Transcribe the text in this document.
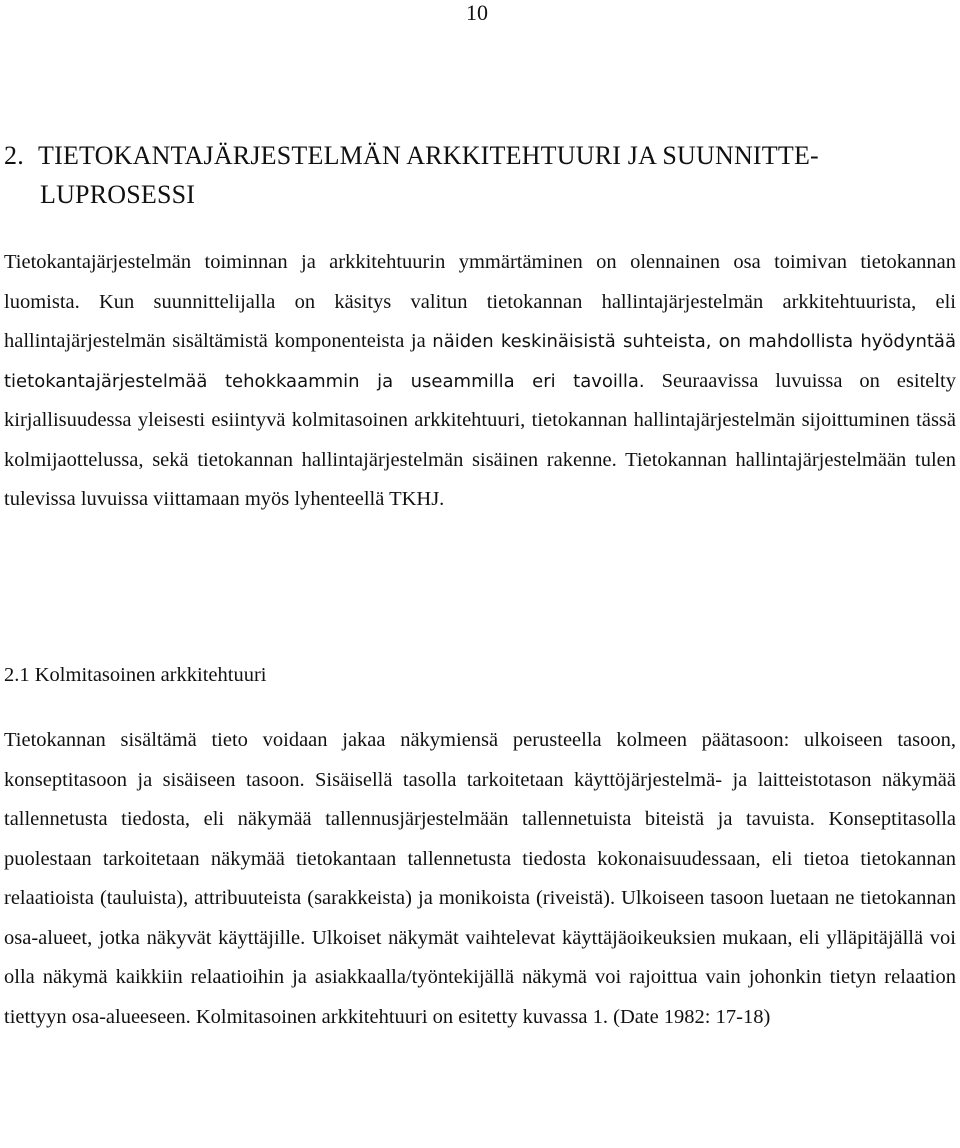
10
2. TIETOKANTAJÄRJESTELMÄN ARKKITEHTUURI JA SUUNNITTE-
LUPROSESSI

Tietokantajärjestelmän toiminnan ja arkkitehtuurin ymmärtäminen on olennainen osa toimivan tietokannan luomista. Kun suunnittelijalla on käsitys valitun tietokannan hallintajärjestelmän arkkitehtuurista, eli hallintajärjestelmän sisältämistä komponenteista ja näiden keskinäisistä suhteista, on mahdollista hyödyntää tietokantajärjestelmää tehokkaammin ja useammilla eri tavoilla. Seuraavissa luvuissa on esitelty kirjallisuudessa yleisesti esiintyvä kolmitasoinen arkkitehtuuri, tietokannan hallintajärjestelmän sijoittuminen tässä kolmijaottelussa, sekä tietokannan hallintajärjestelmän sisäinen rakenne. Tietokannan hallintajärjestelmään tulen tulevissa luvuissa viittamaan myös lyhenteellä TKHJ.

2.1 Kolmitasoinen arkkitehtuuri

Tietokannan sisältämä tieto voidaan jakaa näkymiensä perusteella kolmeen päätasoon: ulkoiseen tasoon, konseptitasoon ja sisäiseen tasoon. Sisäisellä tasolla tarkoitetaan käyttöjärjestelmä- ja laitteistotason näkymää tallennetusta tiedosta, eli näkymää tallennusjärjestelmään tallennetuista biteistä ja tavuista. Konseptitasolla puolestaan tarkoitetaan näkymää tietokantaan tallennetusta tiedosta kokonaisuudessaan, eli tietoa tietokannan relaatioista (tauluista), attribuuteista (sarakkeista) ja monikoista (riveistä). Ulkoiseen tasoon luetaan ne tietokannan osa-alueet, jotka näkyvät käyttäjille. Ulkoiset näkymät vaihtelevat käyttäjäoikeuksien mukaan, eli ylläpitäjällä voi olla näkymä kaikkiin relaatioihin ja asiakkaalla/työntekijällä näkymä voi rajoittua vain johonkin tietyn relaation tiettyyn osa-alueeseen. Kolmitasoinen arkkitehtuuri on esitetty kuvassa 1. (Date 1982: 17-18)
